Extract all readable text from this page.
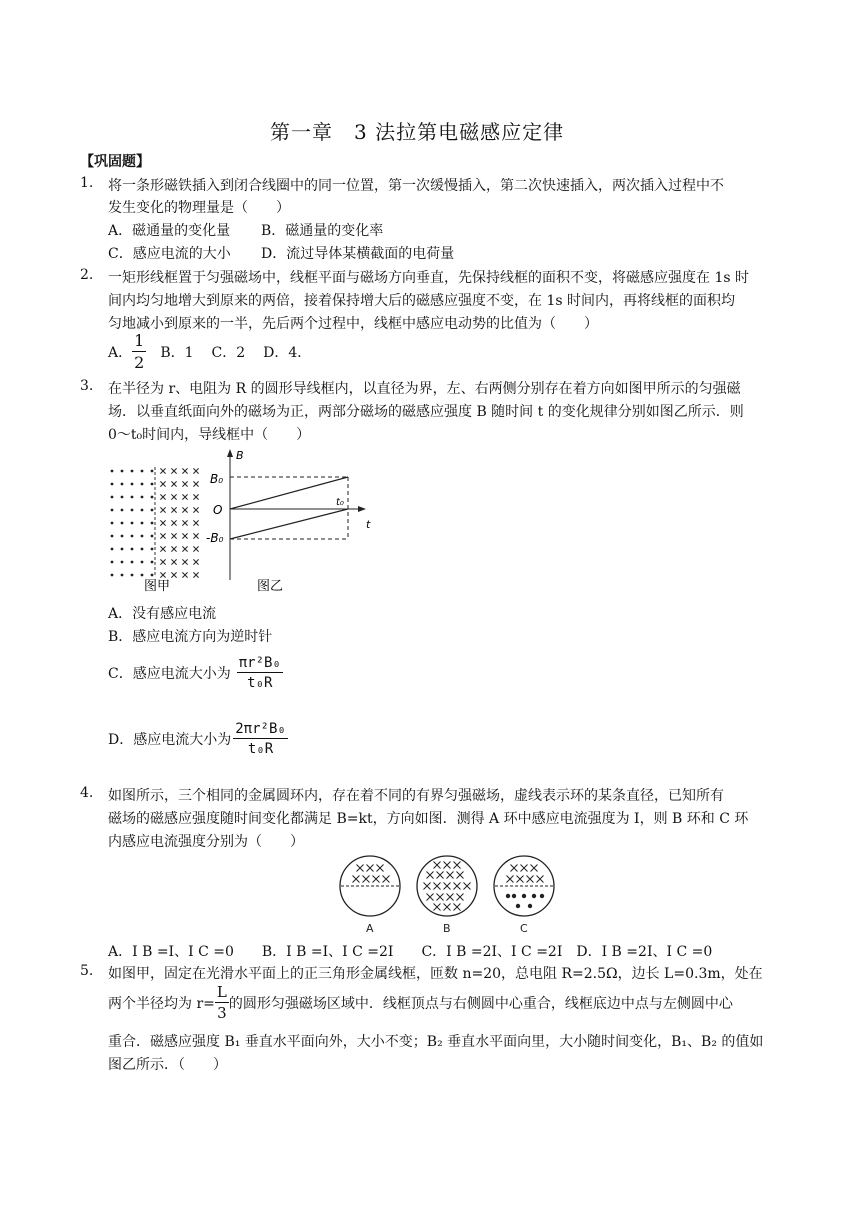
第一章　3 法拉第电磁感应定律
【巩固题】
1. 将一条形磁铁插入到闭合线圈中的同一位置，第一次缓慢插入，第二次快速插入，两次插入过程中不
发生变化的物理量是（　　）
A．磁通量的变化量 B．磁通量的变化率
C．感应电流的大小 D．流过导体某横截面的电荷量
2. 一矩形线框置于匀强磁场中，线框平面与磁场方向垂直，先保持线框的面积不变，将磁感应强度在 1s 时
间内均匀地增大到原来的两倍，接着保持增大后的磁感应强度不变，在 1s 时间内，再将线框的面积均
匀地减小到原来的一半，先后两个过程中，线框中感应电动势的比值为（　　）
A． $\frac{1}{2}$ B．1 C．2 D．4．
3. 在半径为 r、电阻为 R 的圆形导线框内，以直径为界，左、右两侧分别存在着方向如图甲所示的匀强磁
场．以垂直纸面向外的磁场为正，两部分磁场的磁感应强度 B 随时间 t 的变化规律分别如图乙所示．则
0～t₀时间内，导线框中（　　）
图甲
B
t
B₀
O
-B₀
t₀
图乙
A．没有感应电流
B．感应电流方向为逆时针
C．感应电流大小为 $\frac{\text{πr²B₀}}{\text{t₀R}}$
D．感应电流大小为 $\frac{\text{2πr²B₀}}{\text{t₀R}}$
4. 如图所示，三个相同的金属圆环内，存在着不同的有界匀强磁场，虚线表示环的某条直径，已知所有
磁场的磁感应强度随时间变化都满足 B=kt，方向如图．测得 A 环中感应电流强度为 I，则 B 环和 C 环
内感应电流强度分别为（　　）
A	B	C
A．I B =I、I C =0　　B．I B =I、I C =2I　　C．I B =2I、I C =2I　D．I B =2I、I C =0
5. 如图甲，固定在光滑水平面上的正三角形金属线框，匝数 n=20，总电阻 R=2.5Ω，边长 L=0.3m，处在
两个半径均为 $r= \frac{L}{3}$ 的圆形匀强磁场区域中．线框顶点与右侧圆中心重合，线框底边中点与左侧圆中心
重合．磁感应强度 B₁ 垂直水平面向外，大小不变；B₂ 垂直水平面向里，大小随时间变化，B₁、B₂ 的值如
图乙所示．（　　）
